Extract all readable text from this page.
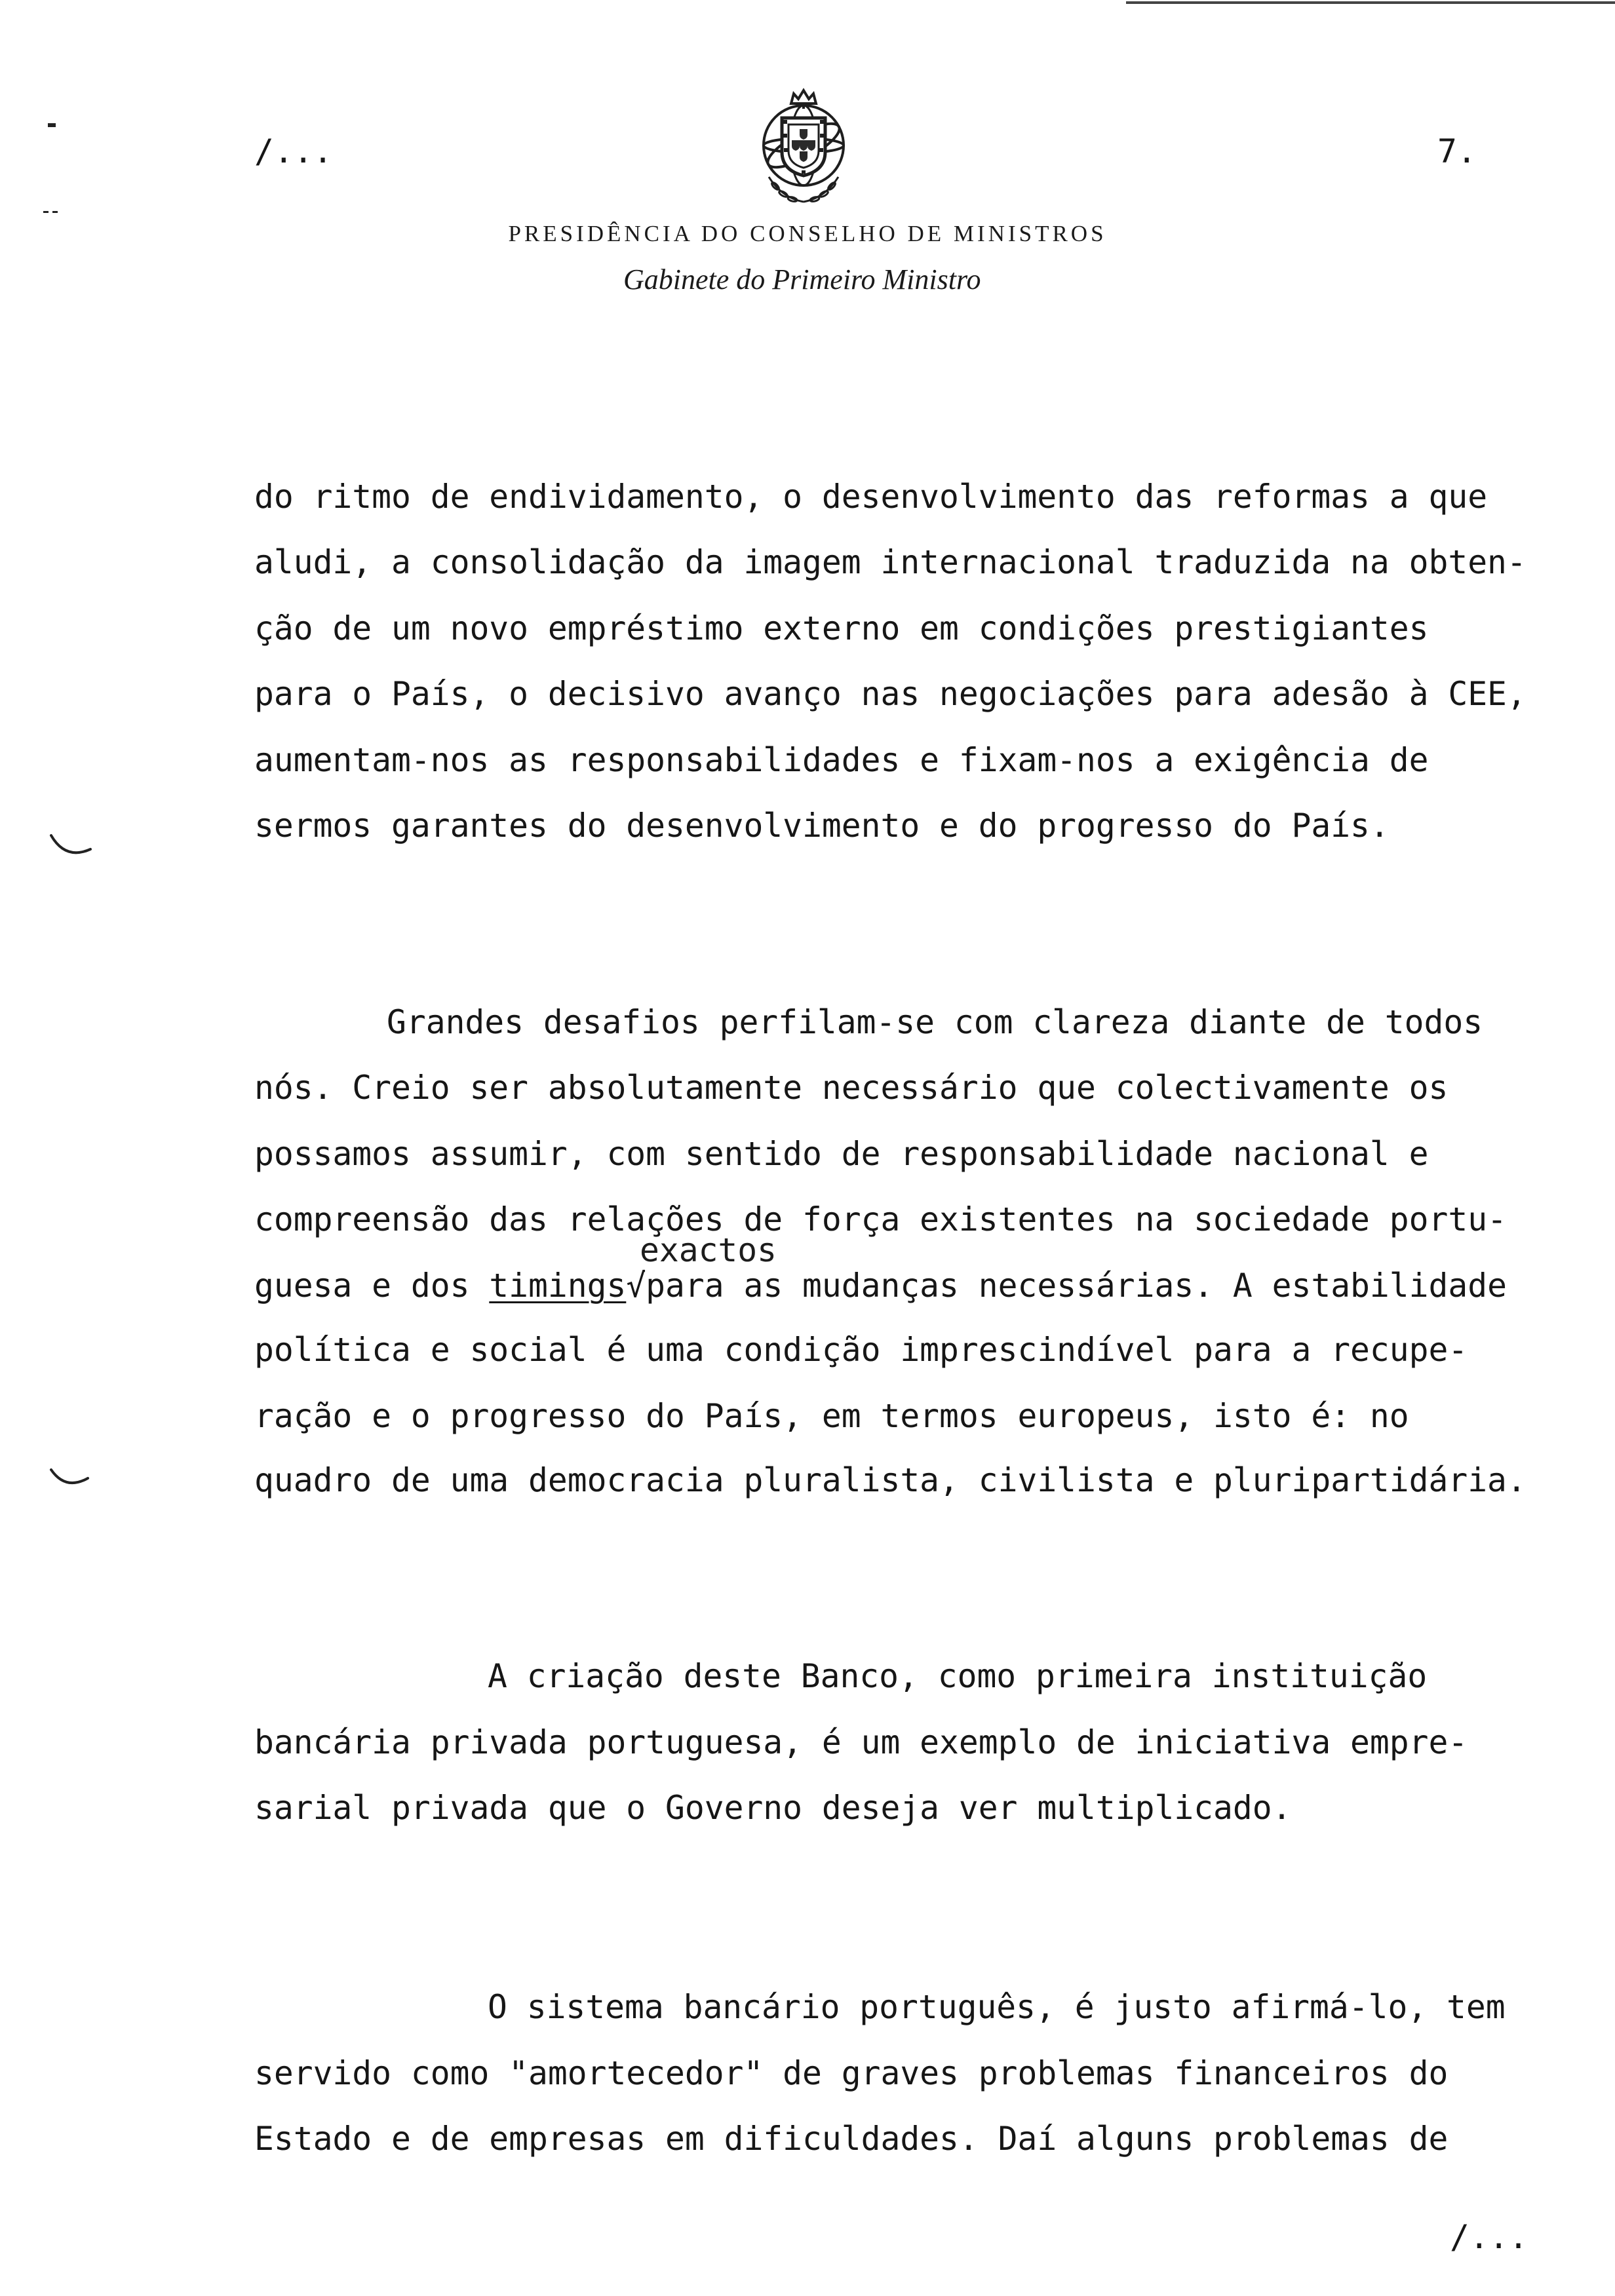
/...	7.
PRESIDÊNCIA DO CONSELHO DE MINISTROS
Gabinete do Primeiro Ministro
do ritmo de endividamento, o desenvolvimento das reformas a que
aludi, a consolidação da imagem internacional traduzida na obten-
ção de um novo empréstimo externo em condições prestigiantes
para o País, o decisivo avanço nas negociações para adesão à CEE,
aumentam-nos as responsabilidades e fixam-nos a exigência de
sermos garantes do desenvolvimento e do progresso do País.
Grandes desafios perfilam-se com clareza diante de todos
nós. Creio ser absolutamente necessário que colectivamente os
possamos assumir, com sentido de responsabilidade nacional e
compreensão das relações de força existentes na sociedade portu-
exactos
guesa e dos timings√para as mudanças necessárias. A estabilidade
política e social é uma condição imprescindível para a recupe-
ração e o progresso do País, em termos europeus, isto é: no
quadro de uma democracia pluralista, civilista e pluripartidária.
A criação deste Banco, como primeira instituição
bancária privada portuguesa, é um exemplo de iniciativa empre-
sarial privada que o Governo deseja ver multiplicado.
O sistema bancário português, é justo afirmá-lo, tem
servido como "amortecedor" de graves problemas financeiros do
Estado e de empresas em dificuldades. Daí alguns problemas de
/...
